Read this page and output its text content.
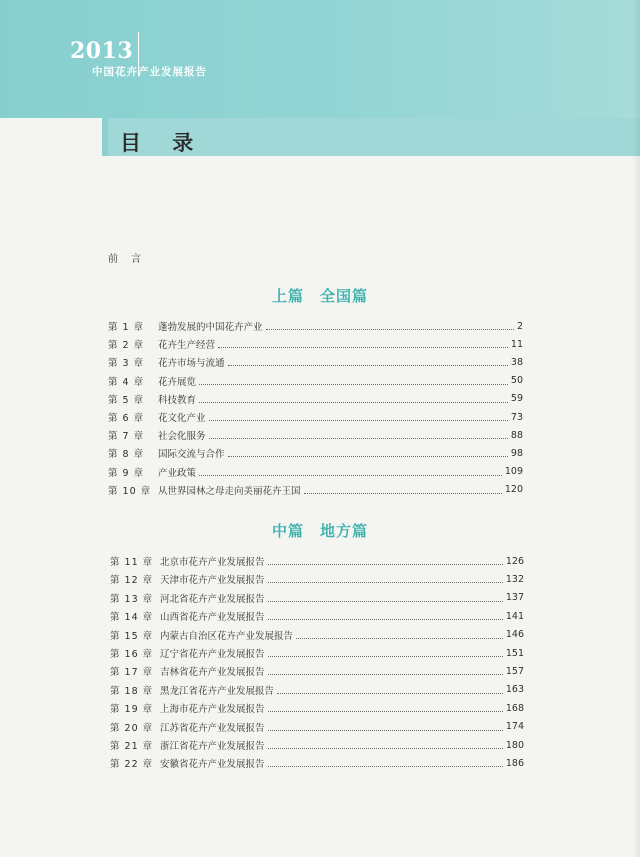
2013
中国花卉产业发展报告
目 录
前 言
上篇　全国篇
第 1 章	蓬勃发展的中国花卉产业	2
第 2 章	花卉生产经营	11
第 3 章	花卉市场与流通	38
第 4 章	花卉展览	50
第 5 章	科技教育	59
第 6 章	花文化产业	73
第 7 章	社会化服务	88
第 8 章	国际交流与合作	98
第 9 章	产业政策	109
第 10 章 从世界园林之母走向美丽花卉王国	120
中篇　地方篇
第 11 章 北京市花卉产业发展报告	126
第 12 章 天津市花卉产业发展报告	132
第 13 章 河北省花卉产业发展报告	137
第 14 章 山西省花卉产业发展报告	141
第 15 章 内蒙古自治区花卉产业发展报告	146
第 16 章 辽宁省花卉产业发展报告	151
第 17 章 吉林省花卉产业发展报告	157
第 18 章 黑龙江省花卉产业发展报告	163
第 19 章 上海市花卉产业发展报告	168
第 20 章 江苏省花卉产业发展报告	174
第 21 章 浙江省花卉产业发展报告	180
第 22 章 安徽省花卉产业发展报告	186
